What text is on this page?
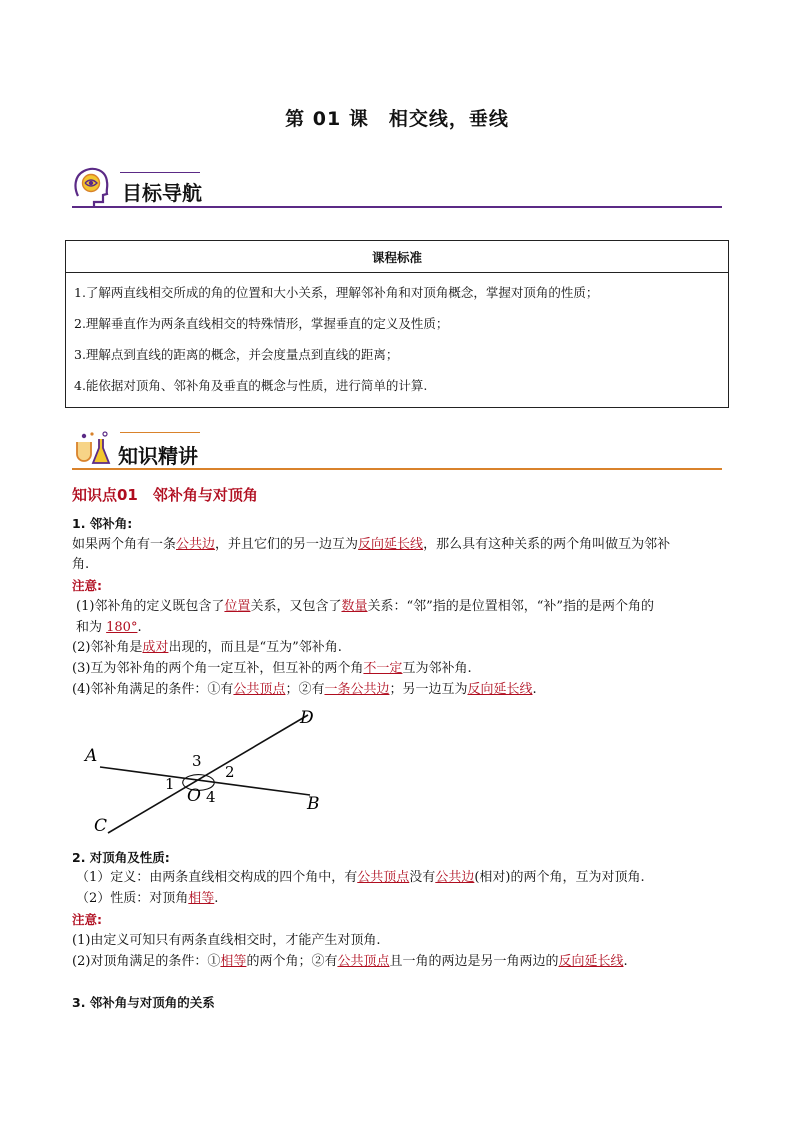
第 01 课　相交线，垂线
目标导航
课程标准

1.了解两直线相交所成的角的位置和大小关系，理解邻补角和对顶角概念，掌握对顶角的性质；
2.理解垂直作为两条直线相交的特殊情形，掌握垂直的定义及性质；
3.理解点到直线的距离的概念，并会度量点到直线的距离；
4.能依据对顶角、邻补角及垂直的概念与性质，进行简单的计算.
知识精讲
知识点01　邻补角与对顶角
1. 邻补角:
如果两个角有一条公共边，并且它们的另一边互为反向延长线，那么具有这种关系的两个角叫做互为邻补
角.
注意:
(1)邻补角的定义既包含了位置关系，又包含了数量关系：“邻”指的是位置相邻，“补”指的是两个角的
和为 180°.
(2)邻补角是成对出现的，而且是“互为”邻补角.
(3)互为邻补角的两个角一定互补，但互补的两个角不一定互为邻补角.
(4)邻补角满足的条件：①有公共顶点；②有一条公共边；另一边互为反向延长线.
A
B
C
D
O
1
2
3
4
2. 对顶角及性质:
（1）定义：由两条直线相交构成的四个角中，有公共顶点没有公共边(相对)的两个角，互为对顶角.
（2）性质：对顶角相等.
注意:
(1)由定义可知只有两条直线相交时，才能产生对顶角.
(2)对顶角满足的条件：①相等的两个角；②有公共顶点且一角的两边是另一角两边的反向延长线.
3. 邻补角与对顶角的关系
